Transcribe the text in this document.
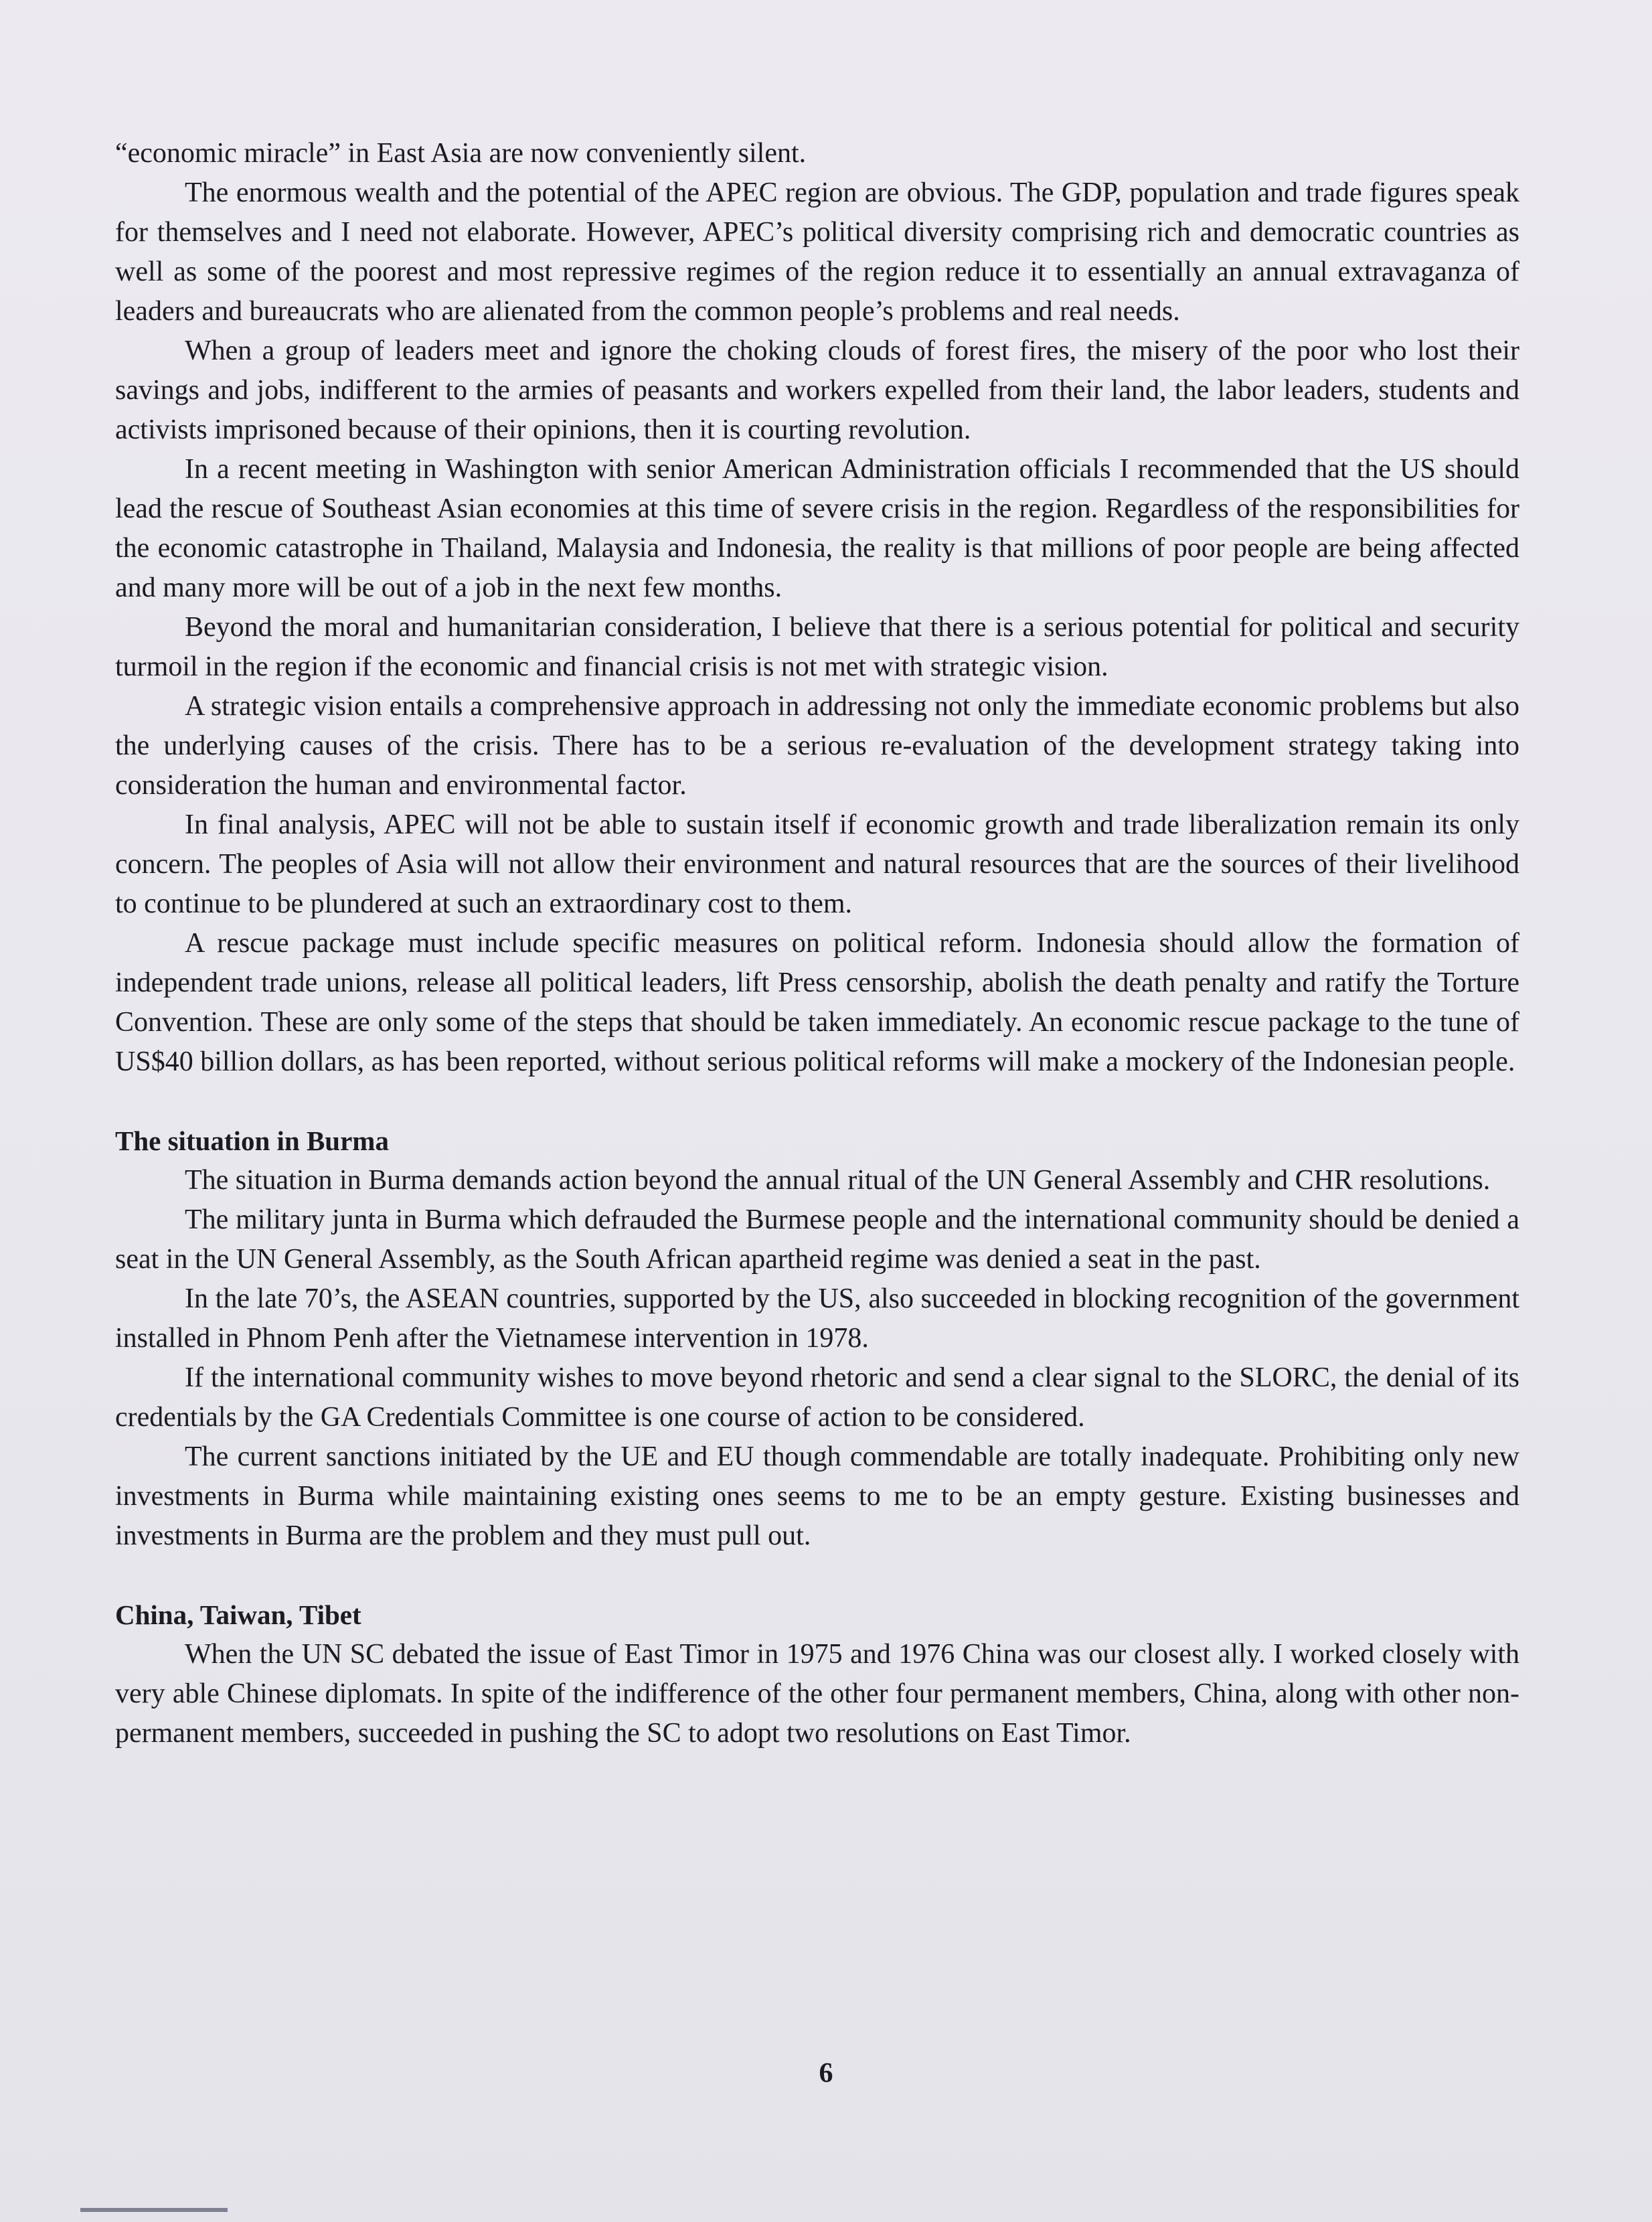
“economic miracle” in East Asia are now conveniently silent.

The enormous wealth and the potential of the APEC region are obvious. The GDP, population and trade figures speak for themselves and I need not elaborate. However, APEC’s political diversity comprising rich and democratic countries as well as some of the poorest and most repressive regimes of the region reduce it to essentially an annual extravaganza of leaders and bureaucrats who are alienated from the common people’s problems and real needs.

When a group of leaders meet and ignore the choking clouds of forest fires, the misery of the poor who lost their savings and jobs, indifferent to the armies of peasants and workers expelled from their land, the labor leaders, students and activists imprisoned because of their opinions, then it is courting revolution.

In a recent meeting in Washington with senior American Administration officials I recommended that the US should lead the rescue of Southeast Asian economies at this time of severe crisis in the region. Regardless of the responsibilities for the economic catastrophe in Thailand, Malaysia and Indonesia, the reality is that millions of poor people are being affected and many more will be out of a job in the next few months.

Beyond the moral and humanitarian consideration, I believe that there is a serious potential for political and security turmoil in the region if the economic and financial crisis is not met with strategic vision.

A strategic vision entails a comprehensive approach in addressing not only the immediate economic problems but also the underlying causes of the crisis. There has to be a serious re-evaluation of the development strategy taking into consideration the human and environmental factor.

In final analysis, APEC will not be able to sustain itself if economic growth and trade liberalization remain its only concern. The peoples of Asia will not allow their environment and natural resources that are the sources of their livelihood to continue to be plundered at such an extraordinary cost to them.

A rescue package must include specific measures on political reform. Indonesia should allow the formation of independent trade unions, release all political leaders, lift Press censorship, abolish the death penalty and ratify the Torture Convention. These are only some of the steps that should be taken immediately. An economic rescue package to the tune of US$40 billion dollars, as has been reported, without serious political reforms will make a mockery of the Indonesian people.

The situation in Burma

The situation in Burma demands action beyond the annual ritual of the UN General Assembly and CHR resolutions.

The military junta in Burma which defrauded the Burmese people and the international community should be denied a seat in the UN General Assembly, as the South African apartheid regime was denied a seat in the past.

In the late 70’s, the ASEAN countries, supported by the US, also succeeded in blocking recognition of the government installed in Phnom Penh after the Vietnamese intervention in 1978.

If the international community wishes to move beyond rhetoric and send a clear signal to the SLORC, the denial of its credentials by the GA Credentials Committee is one course of action to be considered.

The current sanctions initiated by the UE and EU though commendable are totally inadequate. Prohibiting only new investments in Burma while maintaining existing ones seems to me to be an empty gesture. Existing businesses and investments in Burma are the problem and they must pull out.

China, Taiwan, Tibet

When the UN SC debated the issue of East Timor in 1975 and 1976 China was our closest ally. I worked closely with very able Chinese diplomats. In spite of the indifference of the other four permanent members, China, along with other non-permanent members, succeeded in pushing the SC to adopt two resolutions on East Timor.

6
